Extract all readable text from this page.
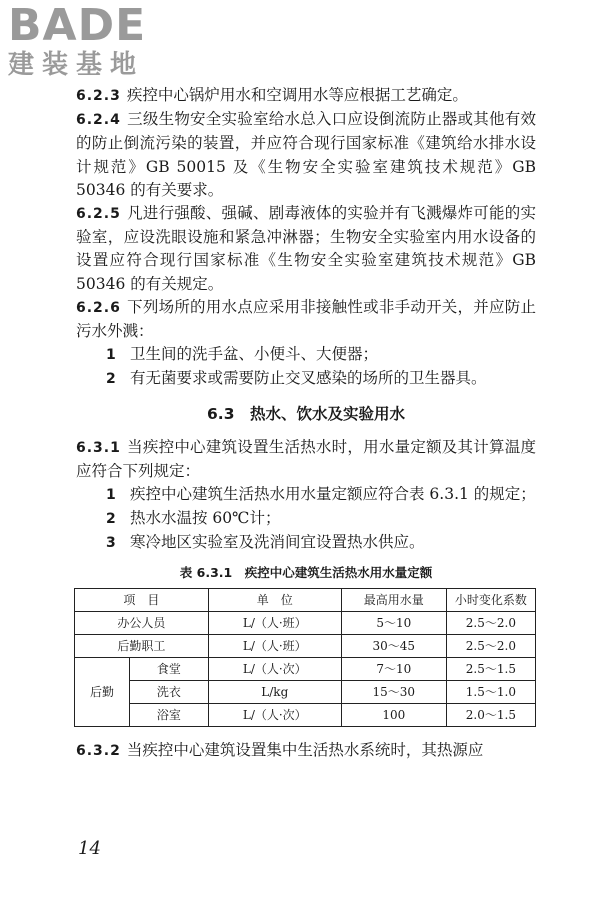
BADE
建装基地

6.2.3 疾控中心锅炉用水和空调用水等应根据工艺确定。

6.2.4 三级生物安全实验室给水总入口应设倒流防止器或其他有效的防止倒流污染的装置，并应符合现行国家标准《建筑给水排水设计规范》GB 50015 及《生物安全实验室建筑技术规范》GB 50346 的有关要求。

6.2.5 凡进行强酸、强碱、剧毒液体的实验并有飞溅爆炸可能的实验室，应设洗眼设施和紧急冲淋器；生物安全实验室内用水设备的设置应符合现行国家标准《生物安全实验室建筑技术规范》GB 50346 的有关规定。

6.2.6 下列场所的用水点应采用非接触性或非手动开关，并应防止污水外溅：

1 卫生间的洗手盆、小便斗、大便器；

2 有无菌要求或需要防止交叉感染的场所的卫生器具。

6.3　热水、饮水及实验用水

6.3.1 当疾控中心建筑设置生活热水时，用水量定额及其计算温度应符合下列规定：

1 疾控中心建筑生活热水用水量定额应符合表 6.3.1 的规定；

2 热水水温按 60℃计；

3 寒冷地区实验室及洗消间宜设置热水供应。

表 6.3.1　疾控中心建筑生活热水用水量定额
项　目		单　位	最高用水量	小时变化系数
办公人员		L/（人·班）	5～10	2.5～2.0
后勤职工		L/（人·班）	30～45	2.5～2.0
后勤	食堂	L/（人·次）	7～10	2.5～1.5
	洗衣	L/kg	15～30	1.5～1.0
	浴室	L/（人·次）	100	2.0～1.5

6.3.2 当疾控中心建筑设置集中生活热水系统时，其热源应

14
